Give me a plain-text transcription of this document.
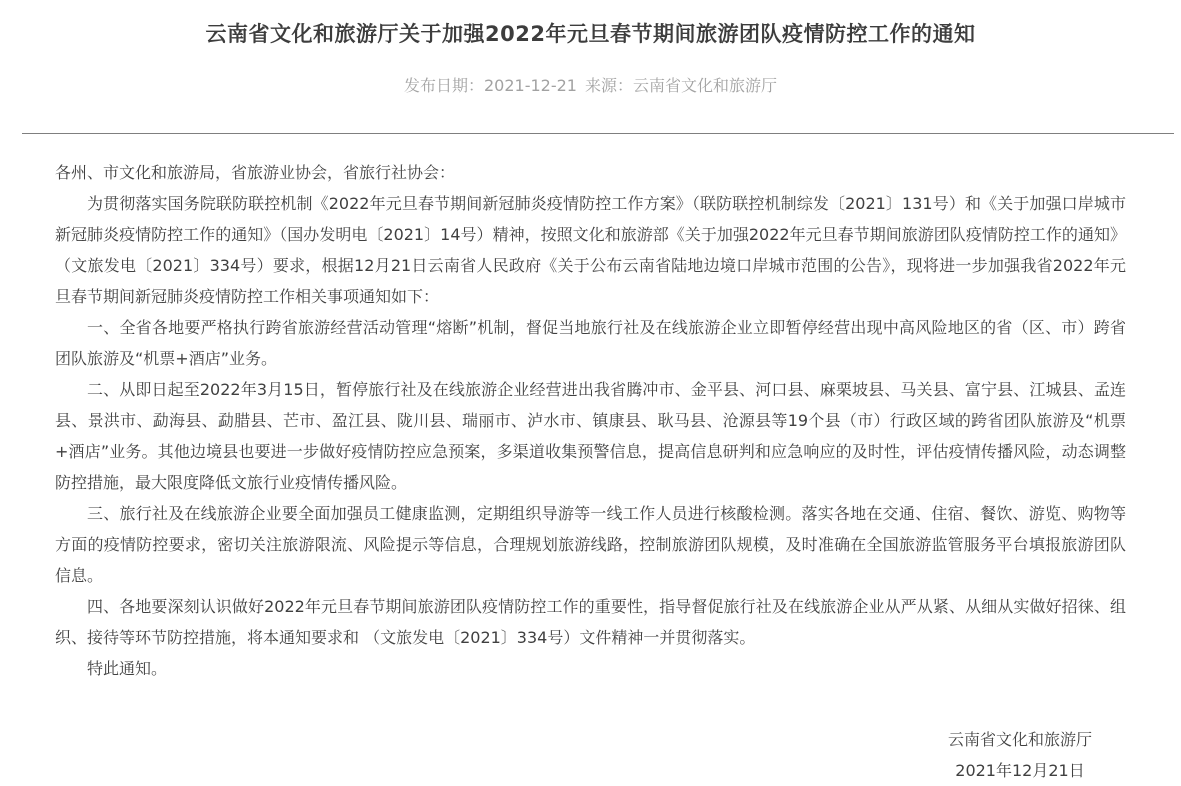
云南省文化和旅游厅关于加强2022年元旦春节期间旅游团队疫情防控工作的通知
发布日期：2021-12-21 来源：云南省文化和旅游厅

各州、市文化和旅游局，省旅游业协会，省旅行社协会：

为贯彻落实国务院联防联控机制《2022年元旦春节期间新冠肺炎疫情防控工作方案》（联防联控机制综发〔2021〕131号）和《关于加强口岸城市新冠肺炎疫情防控工作的通知》（国办发明电〔2021〕14号）精神，按照文化和旅游部《关于加强2022年元旦春节期间旅游团队疫情防控工作的通知》（文旅发电〔2021〕334号）要求，根据12月21日云南省人民政府《关于公布云南省陆地边境口岸城市范围的公告》，现将进一步加强我省2022年元旦春节期间新冠肺炎疫情防控工作相关事项通知如下：

一、全省各地要严格执行跨省旅游经营活动管理“熔断”机制，督促当地旅行社及在线旅游企业立即暂停经营出现中高风险地区的省（区、市）跨省团队旅游及“机票+酒店”业务。

二、从即日起至2022年3月15日，暂停旅行社及在线旅游企业经营进出我省腾冲市、金平县、河口县、麻栗坡县、马关县、富宁县、江城县、孟连县、景洪市、勐海县、勐腊县、芒市、盈江县、陇川县、瑞丽市、泸水市、镇康县、耿马县、沧源县等19个县（市）行政区域的跨省团队旅游及“机票+酒店”业务。其他边境县也要进一步做好疫情防控应急预案，多渠道收集预警信息，提高信息研判和应急响应的及时性，评估疫情传播风险，动态调整防控措施，最大限度降低文旅行业疫情传播风险。

三、旅行社及在线旅游企业要全面加强员工健康监测，定期组织导游等一线工作人员进行核酸检测。落实各地在交通、住宿、餐饮、游览、购物等方面的疫情防控要求，密切关注旅游限流、风险提示等信息，合理规划旅游线路，控制旅游团队规模，及时准确在全国旅游监管服务平台填报旅游团队信息。

四、各地要深刻认识做好2022年元旦春节期间旅游团队疫情防控工作的重要性，指导督促旅行社及在线旅游企业从严从紧、从细从实做好招徕、组织、接待等环节防控措施，将本通知要求和 （文旅发电〔2021〕334号）文件精神一并贯彻落实。

特此通知。

云南省文化和旅游厅

2021年12月21日
